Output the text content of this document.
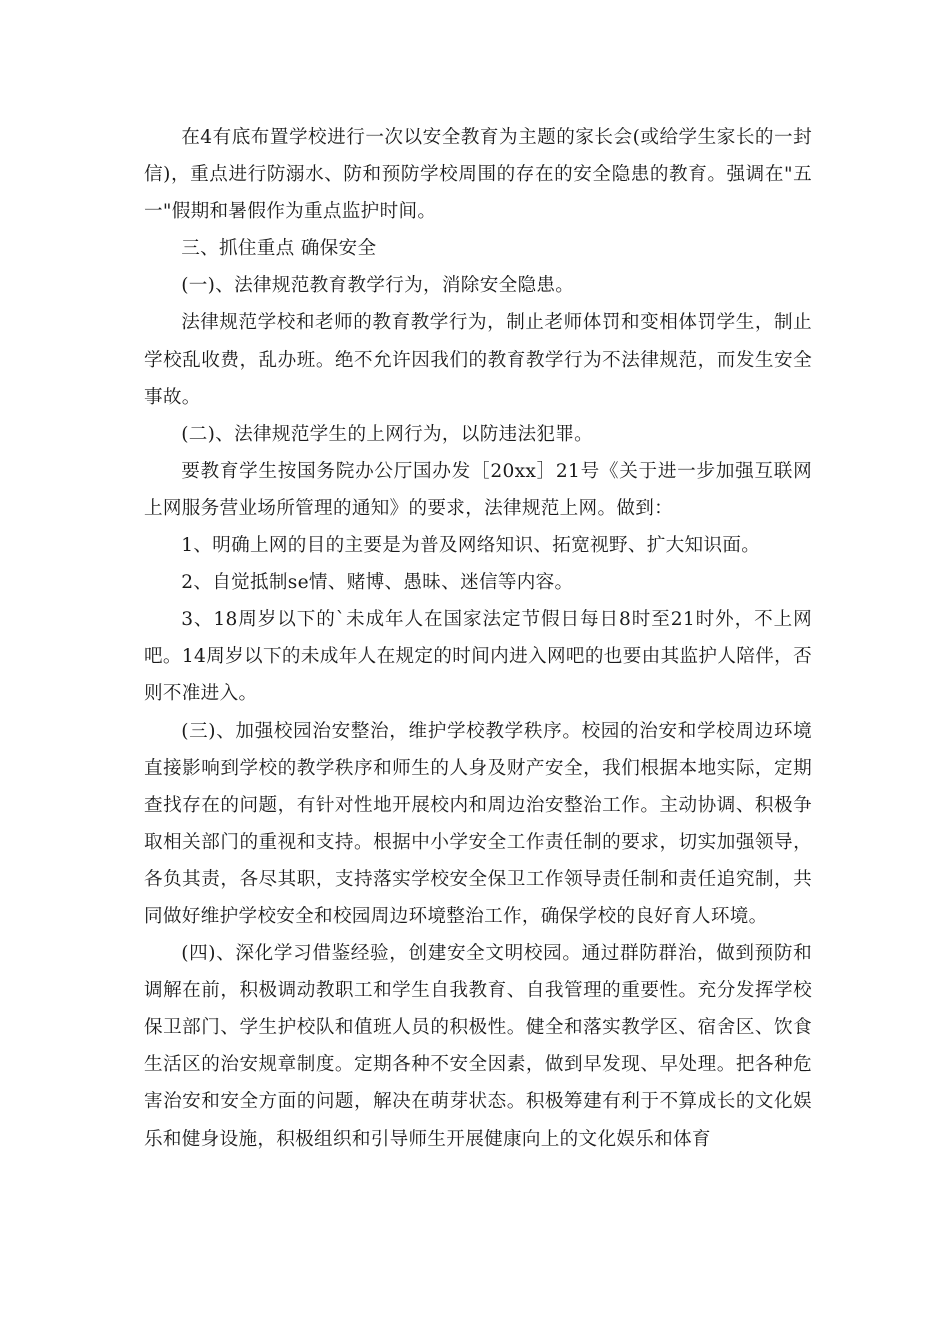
在4有底布置学校进行一次以安全教育为主题的家长会(或给学生家长的一封信)，重点进行防溺水、防和预防学校周围的存在的安全隐患的教育。强调在"五一"假期和暑假作为重点监护时间。

三、抓住重点 确保安全

(一)、法律规范教育教学行为，消除安全隐患。

法律规范学校和老师的教育教学行为，制止老师体罚和变相体罚学生，制止学校乱收费，乱办班。绝不允许因我们的教育教学行为不法律规范，而发生安全事故。

(二)、法律规范学生的上网行为，以防违法犯罪。

要教育学生按国务院办公厅国办发［20xx］21号《关于进一步加强互联网上网服务营业场所管理的通知》的要求，法律规范上网。做到：

1、明确上网的目的主要是为普及网络知识、拓宽视野、扩大知识面。

2、自觉抵制se情、赌博、愚昧、迷信等内容。

3、18周岁以下的`未成年人在国家法定节假日每日8时至21时外，不上网吧。14周岁以下的未成年人在规定的时间内进入网吧的也要由其监护人陪伴，否则不准进入。

(三)、加强校园治安整治，维护学校教学秩序。校园的治安和学校周边环境直接影响到学校的教学秩序和师生的人身及财产安全，我们根据本地实际，定期查找存在的问题，有针对性地开展校内和周边治安整治工作。主动协调、积极争取相关部门的重视和支持。根据中小学安全工作责任制的要求，切实加强领导，各负其责，各尽其职，支持落实学校安全保卫工作领导责任制和责任追究制，共同做好维护学校安全和校园周边环境整治工作，确保学校的良好育人环境。

(四)、深化学习借鉴经验，创建安全文明校园。通过群防群治，做到预防和调解在前，积极调动教职工和学生自我教育、自我管理的重要性。充分发挥学校保卫部门、学生护校队和值班人员的积极性。健全和落实教学区、宿舍区、饮食生活区的治安规章制度。定期各种不安全因素，做到早发现、早处理。把各种危害治安和安全方面的问题，解决在萌芽状态。积极筹建有利于不算成长的文化娱乐和健身设施，积极组织和引导师生开展健康向上的文化娱乐和体育
